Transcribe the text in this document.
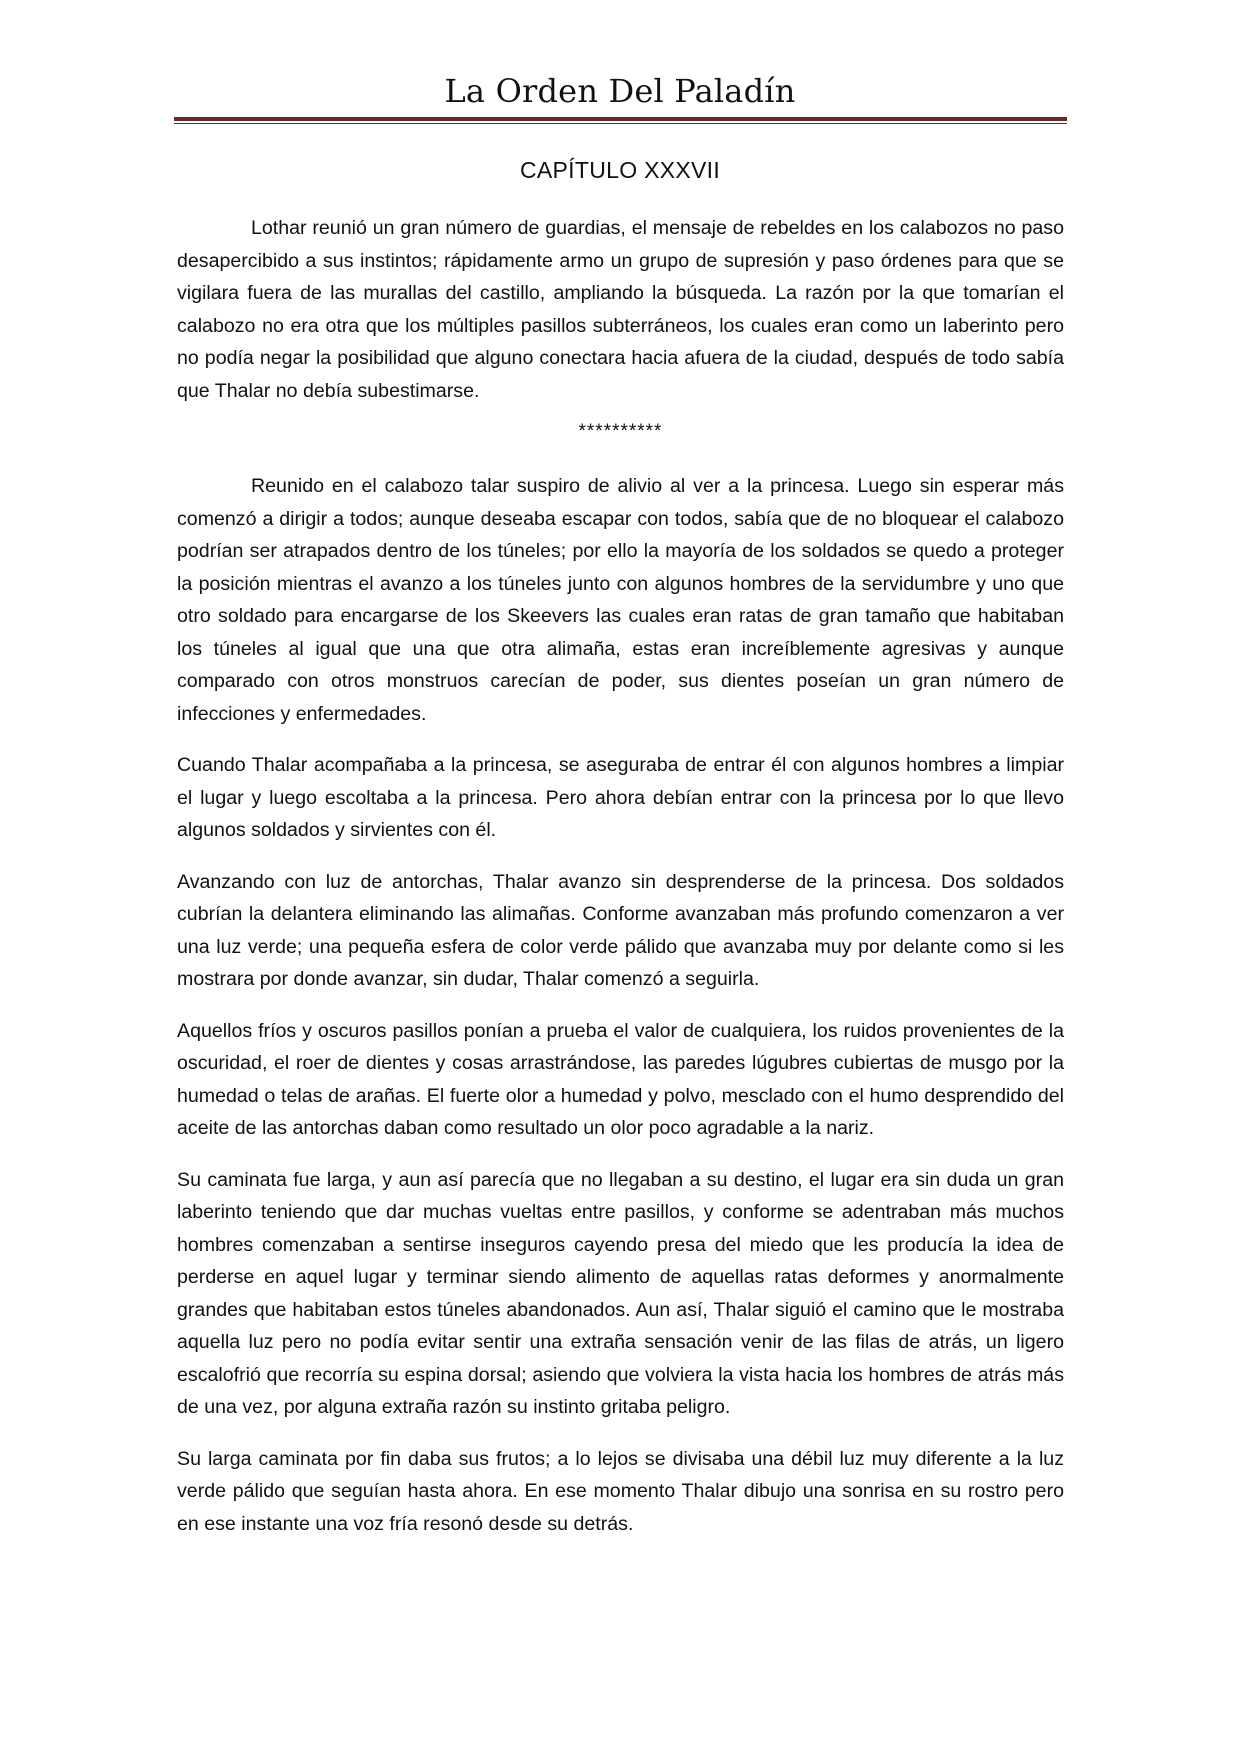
La Orden Del Paladín
CAPÍTULO XXXVII

Lothar reunió un gran número de guardias, el mensaje de rebeldes en los calabozos no paso desapercibido a sus instintos; rápidamente armo un grupo de supresión y paso órdenes para que se vigilara fuera de las murallas del castillo, ampliando la búsqueda. La razón por la que tomarían el calabozo no era otra que los múltiples pasillos subterráneos, los cuales eran como un laberinto pero no podía negar la posibilidad que alguno conectara hacia afuera de la ciudad, después de todo sabía que Thalar no debía subestimarse.

**********

Reunido en el calabozo talar suspiro de alivio al ver a la princesa. Luego sin esperar más comenzó a dirigir a todos; aunque deseaba escapar con todos, sabía que de no bloquear el calabozo podrían ser atrapados dentro de los túneles; por ello la mayoría de los soldados se quedo a proteger la posición mientras el avanzo a los túneles junto con algunos hombres de la servidumbre y uno que otro soldado para encargarse de los Skeevers las cuales eran ratas de gran tamaño que habitaban los túneles al igual que una que otra alimaña, estas eran increíblemente agresivas y aunque comparado con otros monstruos carecían de poder, sus dientes poseían un gran número de infecciones y enfermedades.

Cuando Thalar acompañaba a la princesa, se aseguraba de entrar él con algunos hombres a limpiar el lugar y luego escoltaba a la princesa. Pero ahora debían entrar con la princesa por lo que llevo algunos soldados y sirvientes con él.

Avanzando con luz de antorchas, Thalar avanzo sin desprenderse de la princesa. Dos soldados cubrían la delantera eliminando las alimañas. Conforme avanzaban más profundo comenzaron a ver una luz verde; una pequeña esfera de color verde pálido que avanzaba muy por delante como si les mostrara por donde avanzar, sin dudar, Thalar comenzó a seguirla.

Aquellos fríos y oscuros pasillos ponían a prueba el valor de cualquiera, los ruidos provenientes de la oscuridad, el roer de dientes y cosas arrastrándose, las paredes lúgubres cubiertas de musgo por la humedad o telas de arañas. El fuerte olor a humedad y polvo, mesclado con el humo desprendido del aceite de las antorchas daban como resultado un olor poco agradable a la nariz.

Su caminata fue larga, y aun así parecía que no llegaban a su destino, el lugar era sin duda un gran laberinto teniendo que dar muchas vueltas entre pasillos, y conforme se adentraban más muchos hombres comenzaban a sentirse inseguros cayendo presa del miedo que les producía la idea de perderse en aquel lugar y terminar siendo alimento de aquellas ratas deformes y anormalmente grandes que habitaban estos túneles abandonados. Aun así, Thalar siguió el camino que le mostraba aquella luz pero no podía evitar sentir una extraña sensación venir de las filas de atrás, un ligero escalofrió que recorría su espina dorsal; asiendo que volviera la vista hacia los hombres de atrás más de una vez, por alguna extraña razón su instinto gritaba peligro.

Su larga caminata por fin daba sus frutos; a lo lejos se divisaba una débil luz muy diferente a la luz verde pálido que seguían hasta ahora. En ese momento Thalar dibujo una sonrisa en su rostro pero en ese instante una voz fría resonó desde su detrás.
